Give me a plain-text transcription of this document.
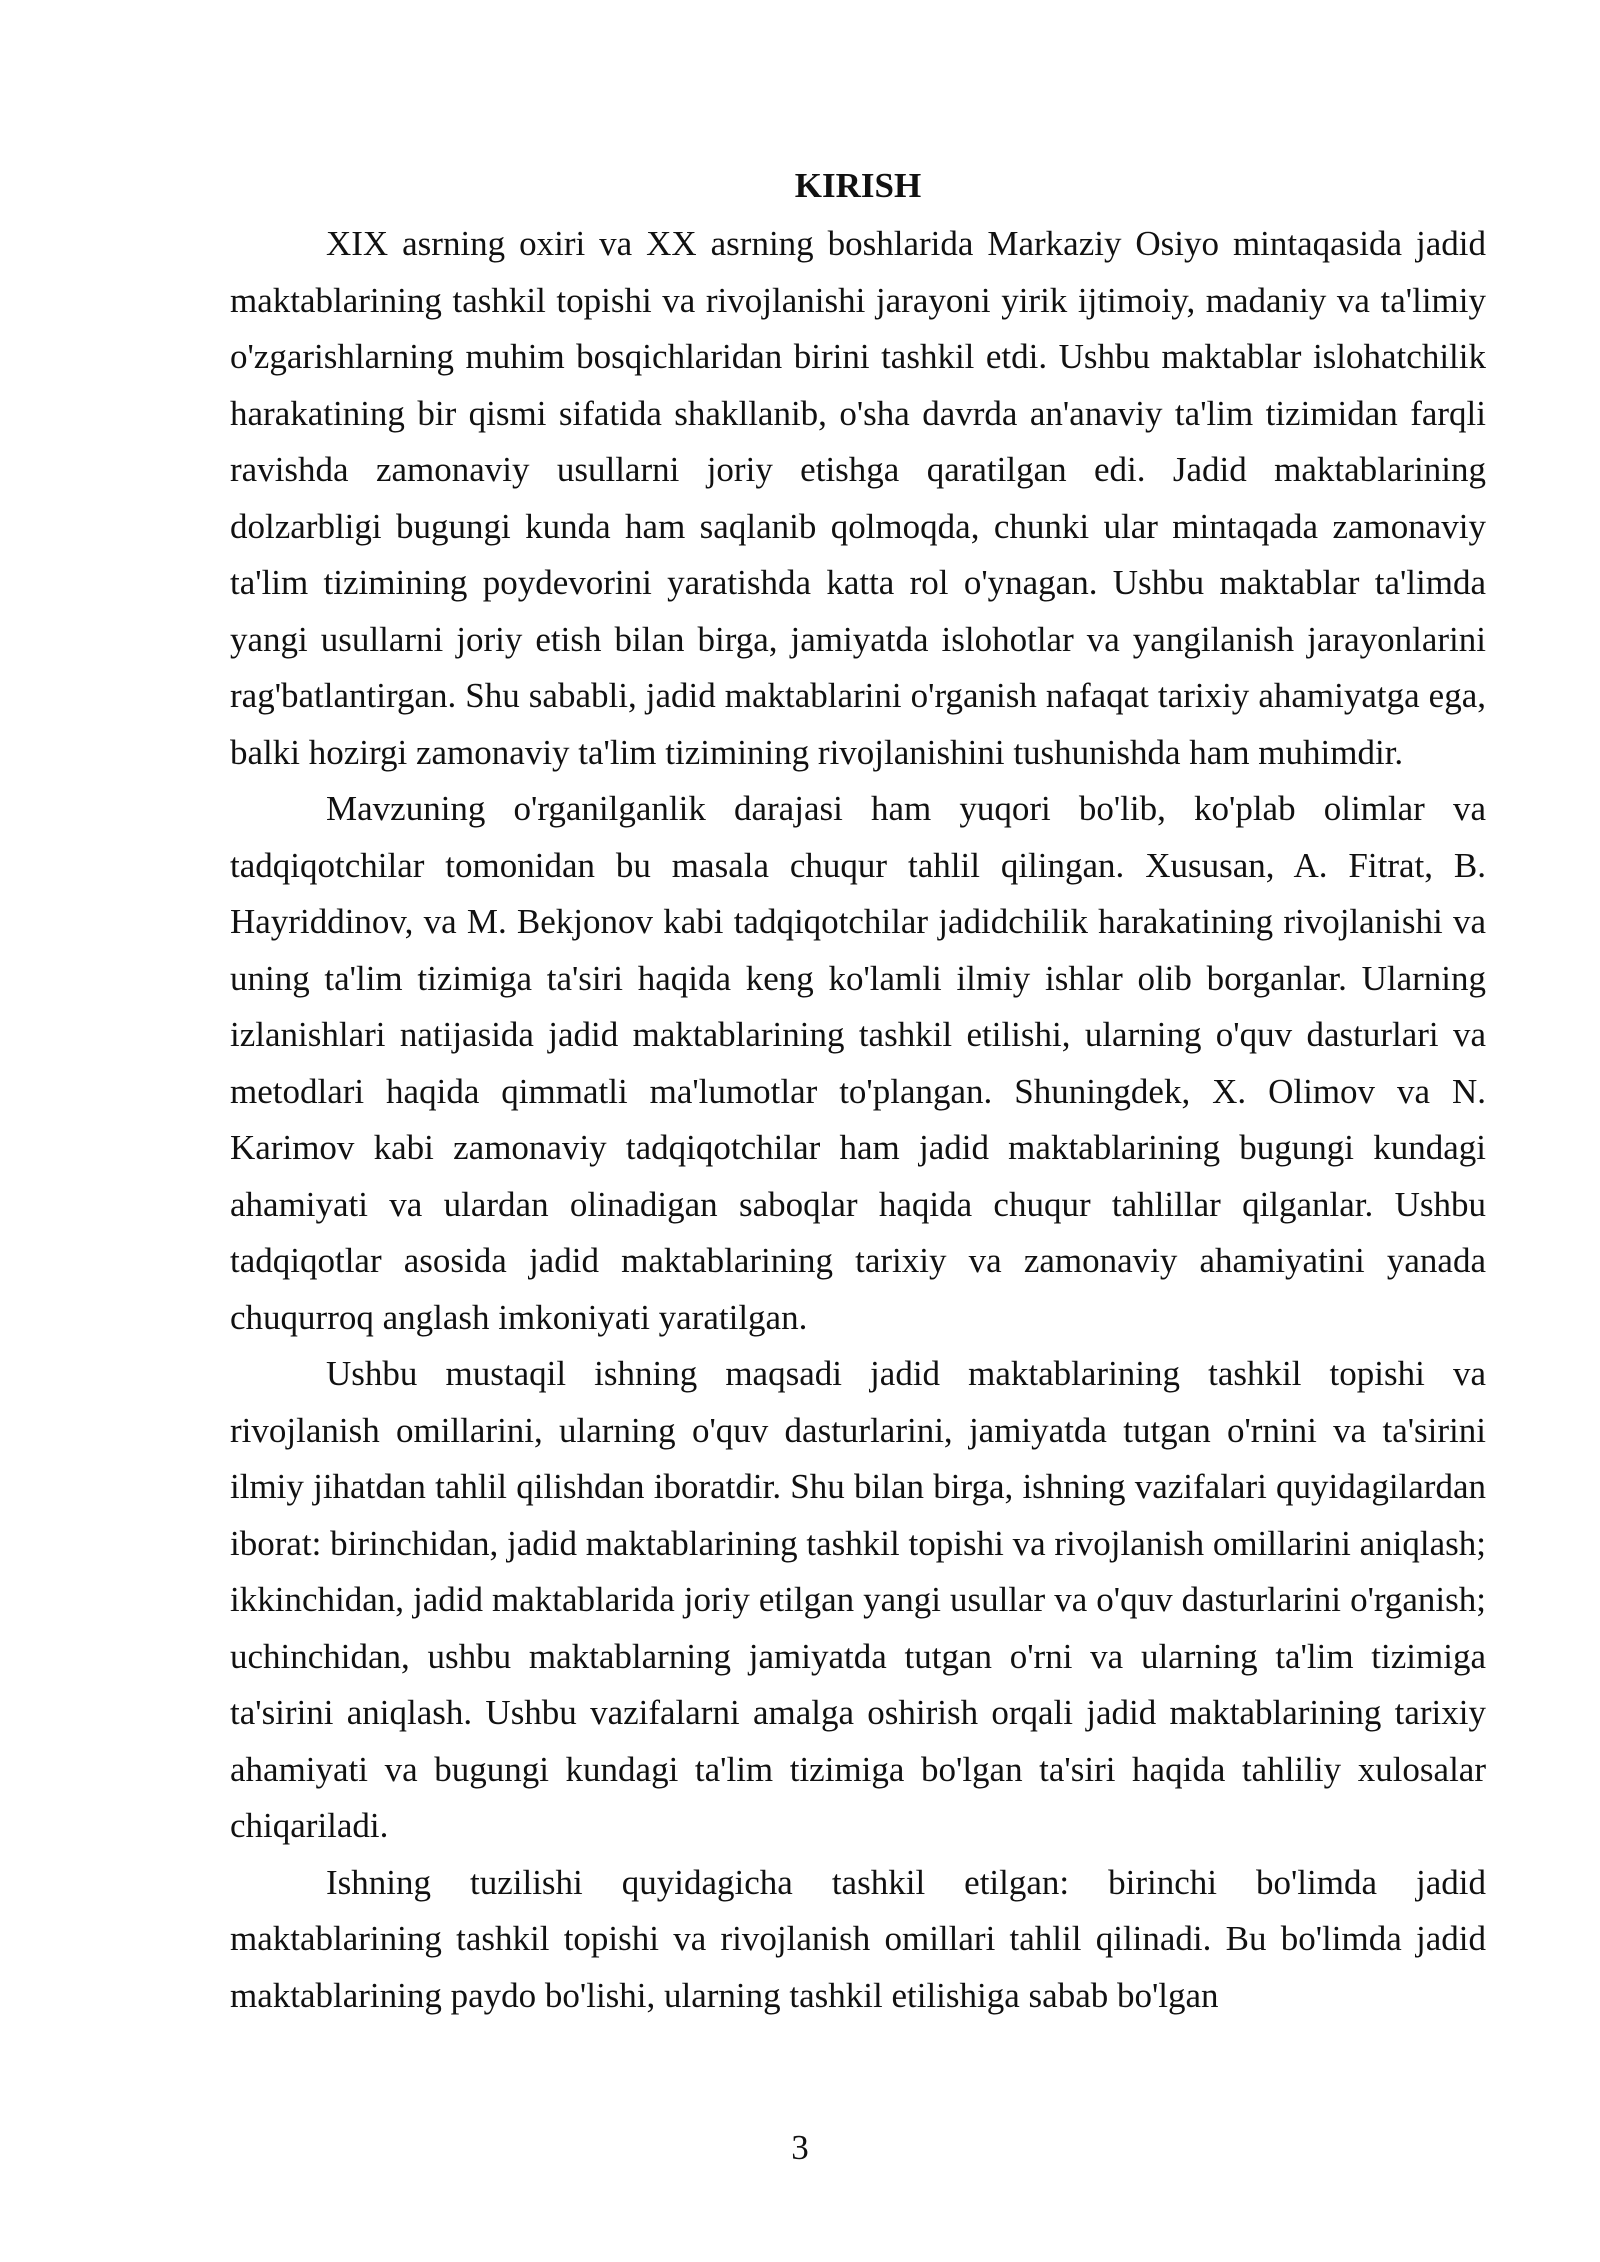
KIRISH

XIX asrning oxiri va XX asrning boshlarida Markaziy Osiyo mintaqasida jadid maktablarining tashkil topishi va rivojlanishi jarayoni yirik ijtimoiy, madaniy va ta'limiy o'zgarishlarning muhim bosqichlaridan birini tashkil etdi. Ushbu maktablar islohatchilik harakatining bir qismi sifatida shakllanib, o'sha davrda an'anaviy ta'lim tizimidan farqli ravishda zamonaviy usullarni joriy etishga qaratilgan edi. Jadid maktablarining dolzarbligi bugungi kunda ham saqlanib qolmoqda, chunki ular mintaqada zamonaviy ta'lim tizimining poydevorini yaratishda katta rol o'ynagan. Ushbu maktablar ta'limda yangi usullarni joriy etish bilan birga, jamiyatda islohotlar va yangilanish jarayonlarini rag'batlantirgan. Shu sababli, jadid maktablarini o'rganish nafaqat tarixiy ahamiyatga ega, balki hozirgi zamonaviy ta'lim tizimining rivojlanishini tushunishda ham muhimdir.

Mavzuning o'rganilganlik darajasi ham yuqori bo'lib, ko'plab olimlar va tadqiqotchilar tomonidan bu masala chuqur tahlil qilingan. Xususan, A. Fitrat, B. Hayriddinov, va M. Bekjonov kabi tadqiqotchilar jadidchilik harakatining rivojlanishi va uning ta'lim tizimiga ta'siri haqida keng ko'lamli ilmiy ishlar olib borganlar. Ularning izlanishlari natijasida jadid maktablarining tashkil etilishi, ularning o'quv dasturlari va metodlari haqida qimmatli ma'lumotlar to'plangan. Shuningdek, X. Olimov va N. Karimov kabi zamonaviy tadqiqotchilar ham jadid maktablarining bugungi kundagi ahamiyati va ulardan olinadigan saboqlar haqida chuqur tahlillar qilganlar. Ushbu tadqiqotlar asosida jadid maktablarining tarixiy va zamonaviy ahamiyatini yanada chuqurroq anglash imkoniyati yaratilgan.

Ushbu mustaqil ishning maqsadi jadid maktablarining tashkil topishi va rivojlanish omillarini, ularning o'quv dasturlarini, jamiyatda tutgan o'rnini va ta'sirini ilmiy jihatdan tahlil qilishdan iboratdir. Shu bilan birga, ishning vazifalari quyidagilardan iborat: birinchidan, jadid maktablarining tashkil topishi va rivojlanish omillarini aniqlash; ikkinchidan, jadid maktablarida joriy etilgan yangi usullar va o'quv dasturlarini o'rganish; uchinchidan, ushbu maktablarning jamiyatda tutgan o'rni va ularning ta'lim tizimiga ta'sirini aniqlash. Ushbu vazifalarni amalga oshirish orqali jadid maktablarining tarixiy ahamiyati va bugungi kundagi ta'lim tizimiga bo'lgan ta'siri haqida tahliliy xulosalar chiqariladi.

Ishning tuzilishi quyidagicha tashkil etilgan: birinchi bo'limda jadid maktablarining tashkil topishi va rivojlanish omillari tahlil qilinadi. Bu bo'limda jadid maktablarining paydo bo'lishi, ularning tashkil etilishiga sabab bo'lgan

3
